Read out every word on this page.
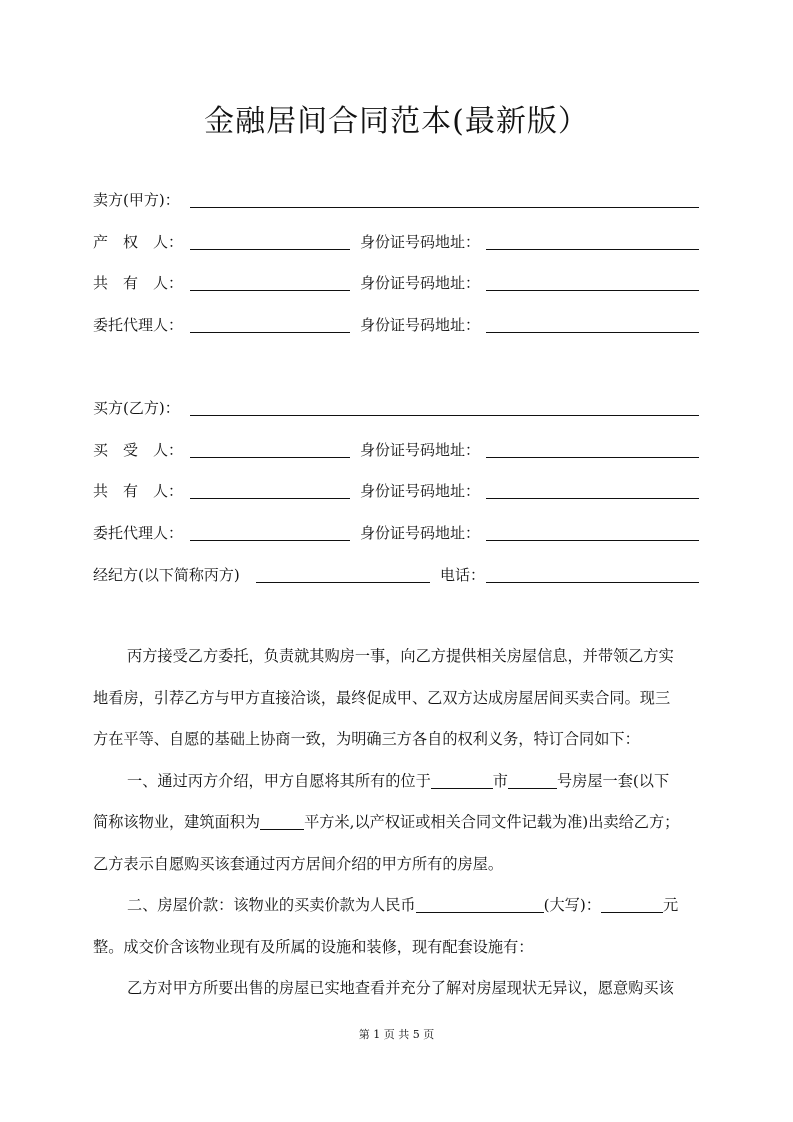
金融居间合同范本(最新版）
卖方(甲方)：
产　权　人：	身份证号码地址：
共　有　人：	身份证号码地址：
委托代理人：	身份证号码地址：
买方(乙方)：
买　受　人：	身份证号码地址：
共　有　人：	身份证号码地址：
委托代理人：	身份证号码地址：
经纪方(以下简称丙方)	电话：
丙方接受乙方委托，负责就其购房一事，向乙方提供相关房屋信息，并带领乙方实
地看房，引荐乙方与甲方直接洽谈，最终促成甲、乙双方达成房屋居间买卖合同。现三
方在平等、自愿的基础上协商一致，为明确三方各自的权利义务，特订合同如下：
一、通过丙方介绍，甲方自愿将其所有的位于	市	号房屋一套(以下
简称该物业，建筑面积为	平方米,以产权证或相关合同文件记载为准)出卖给乙方；
乙方表示自愿购买该套通过丙方居间介绍的甲方所有的房屋。
二、房屋价款：该物业的买卖价款为人民币	(大写)：	元
整。成交价含该物业现有及所属的设施和装修，现有配套设施有：
乙方对甲方所要出售的房屋已实地查看并充分了解对房屋现状无异议，愿意购买该
第 1 页 共 5 页
